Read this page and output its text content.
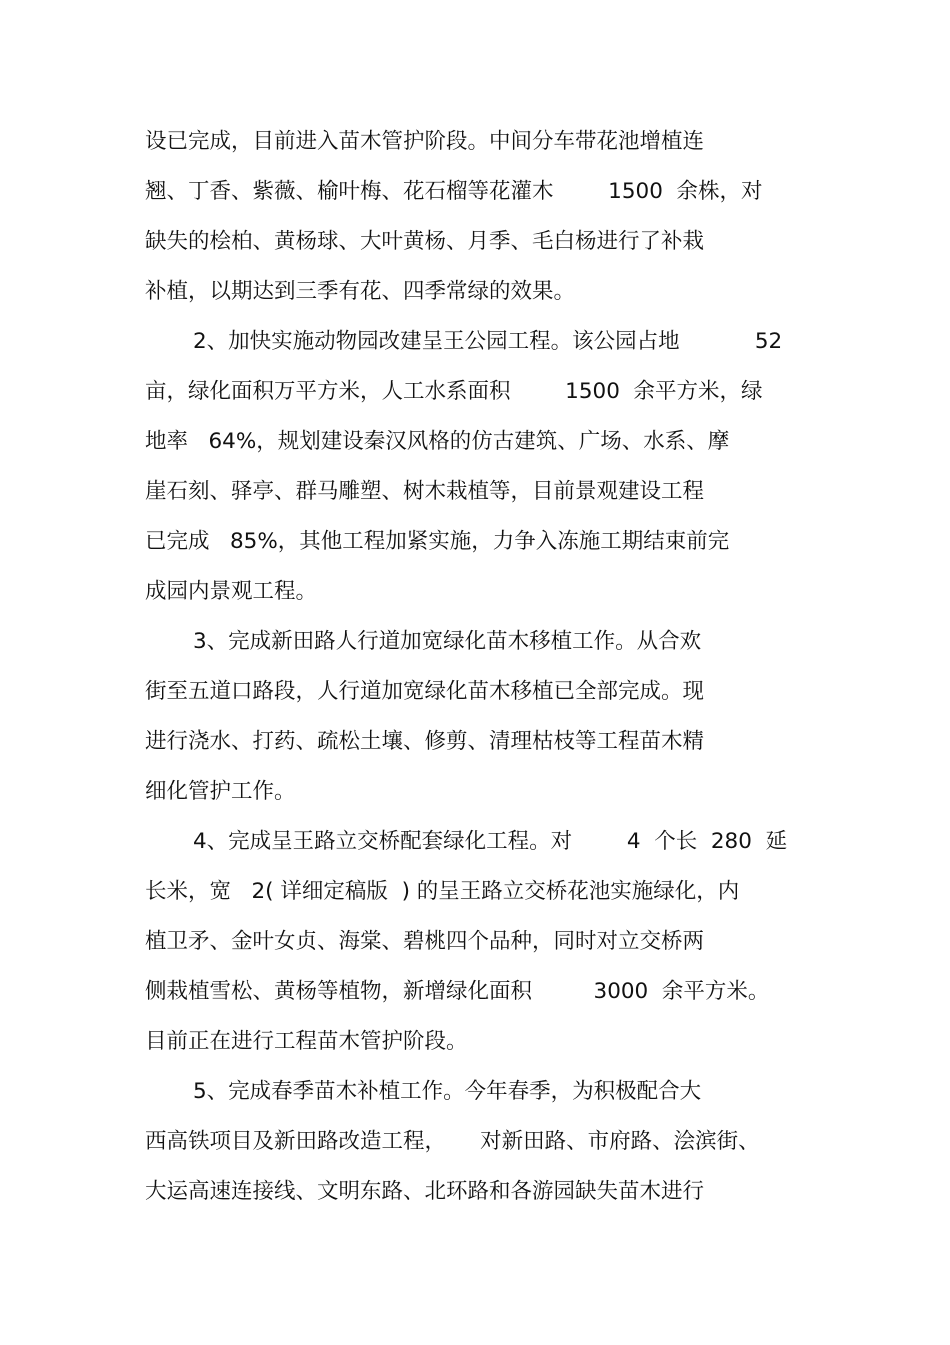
设已完成，目前进入苗木管护阶段。中间分车带花池增植连
翘、丁香、紫薇、榆叶梅、花石榴等花灌木        1500  余株，对
缺失的桧柏、黄杨球、大叶黄杨、月季、毛白杨进行了补栽
补植，以期达到三季有花、四季常绿的效果。
2、加快实施动物园改建呈王公园工程。该公园占地           52
亩，绿化面积万平方米，人工水系面积        1500  余平方米，绿
地率   64%，规划建设秦汉风格的仿古建筑、广场、水系、摩
崖石刻、驿亭、群马雕塑、树木栽植等，目前景观建设工程
已完成   85%，其他工程加紧实施，力争入冻施工期结束前完
成园内景观工程。
3、完成新田路人行道加宽绿化苗木移植工作。从合欢
街至五道口路段，人行道加宽绿化苗木移植已全部完成。现
进行浇水、打药、疏松土壤、修剪、清理枯枝等工程苗木精
细化管护工作。
4、完成呈王路立交桥配套绿化工程。对        4  个长  280  延
长米，宽   2( 详细定稿版  ) 的呈王路立交桥花池实施绿化，内
植卫矛、金叶女贞、海棠、碧桃四个品种，同时对立交桥两
侧栽植雪松、黄杨等植物，新增绿化面积         3000  余平方米。
目前正在进行工程苗木管护阶段。
5、完成春季苗木补植工作。今年春季，为积极配合大
西高铁项目及新田路改造工程，     对新田路、市府路、浍滨街、
大运高速连接线、文明东路、北环路和各游园缺失苗木进行
